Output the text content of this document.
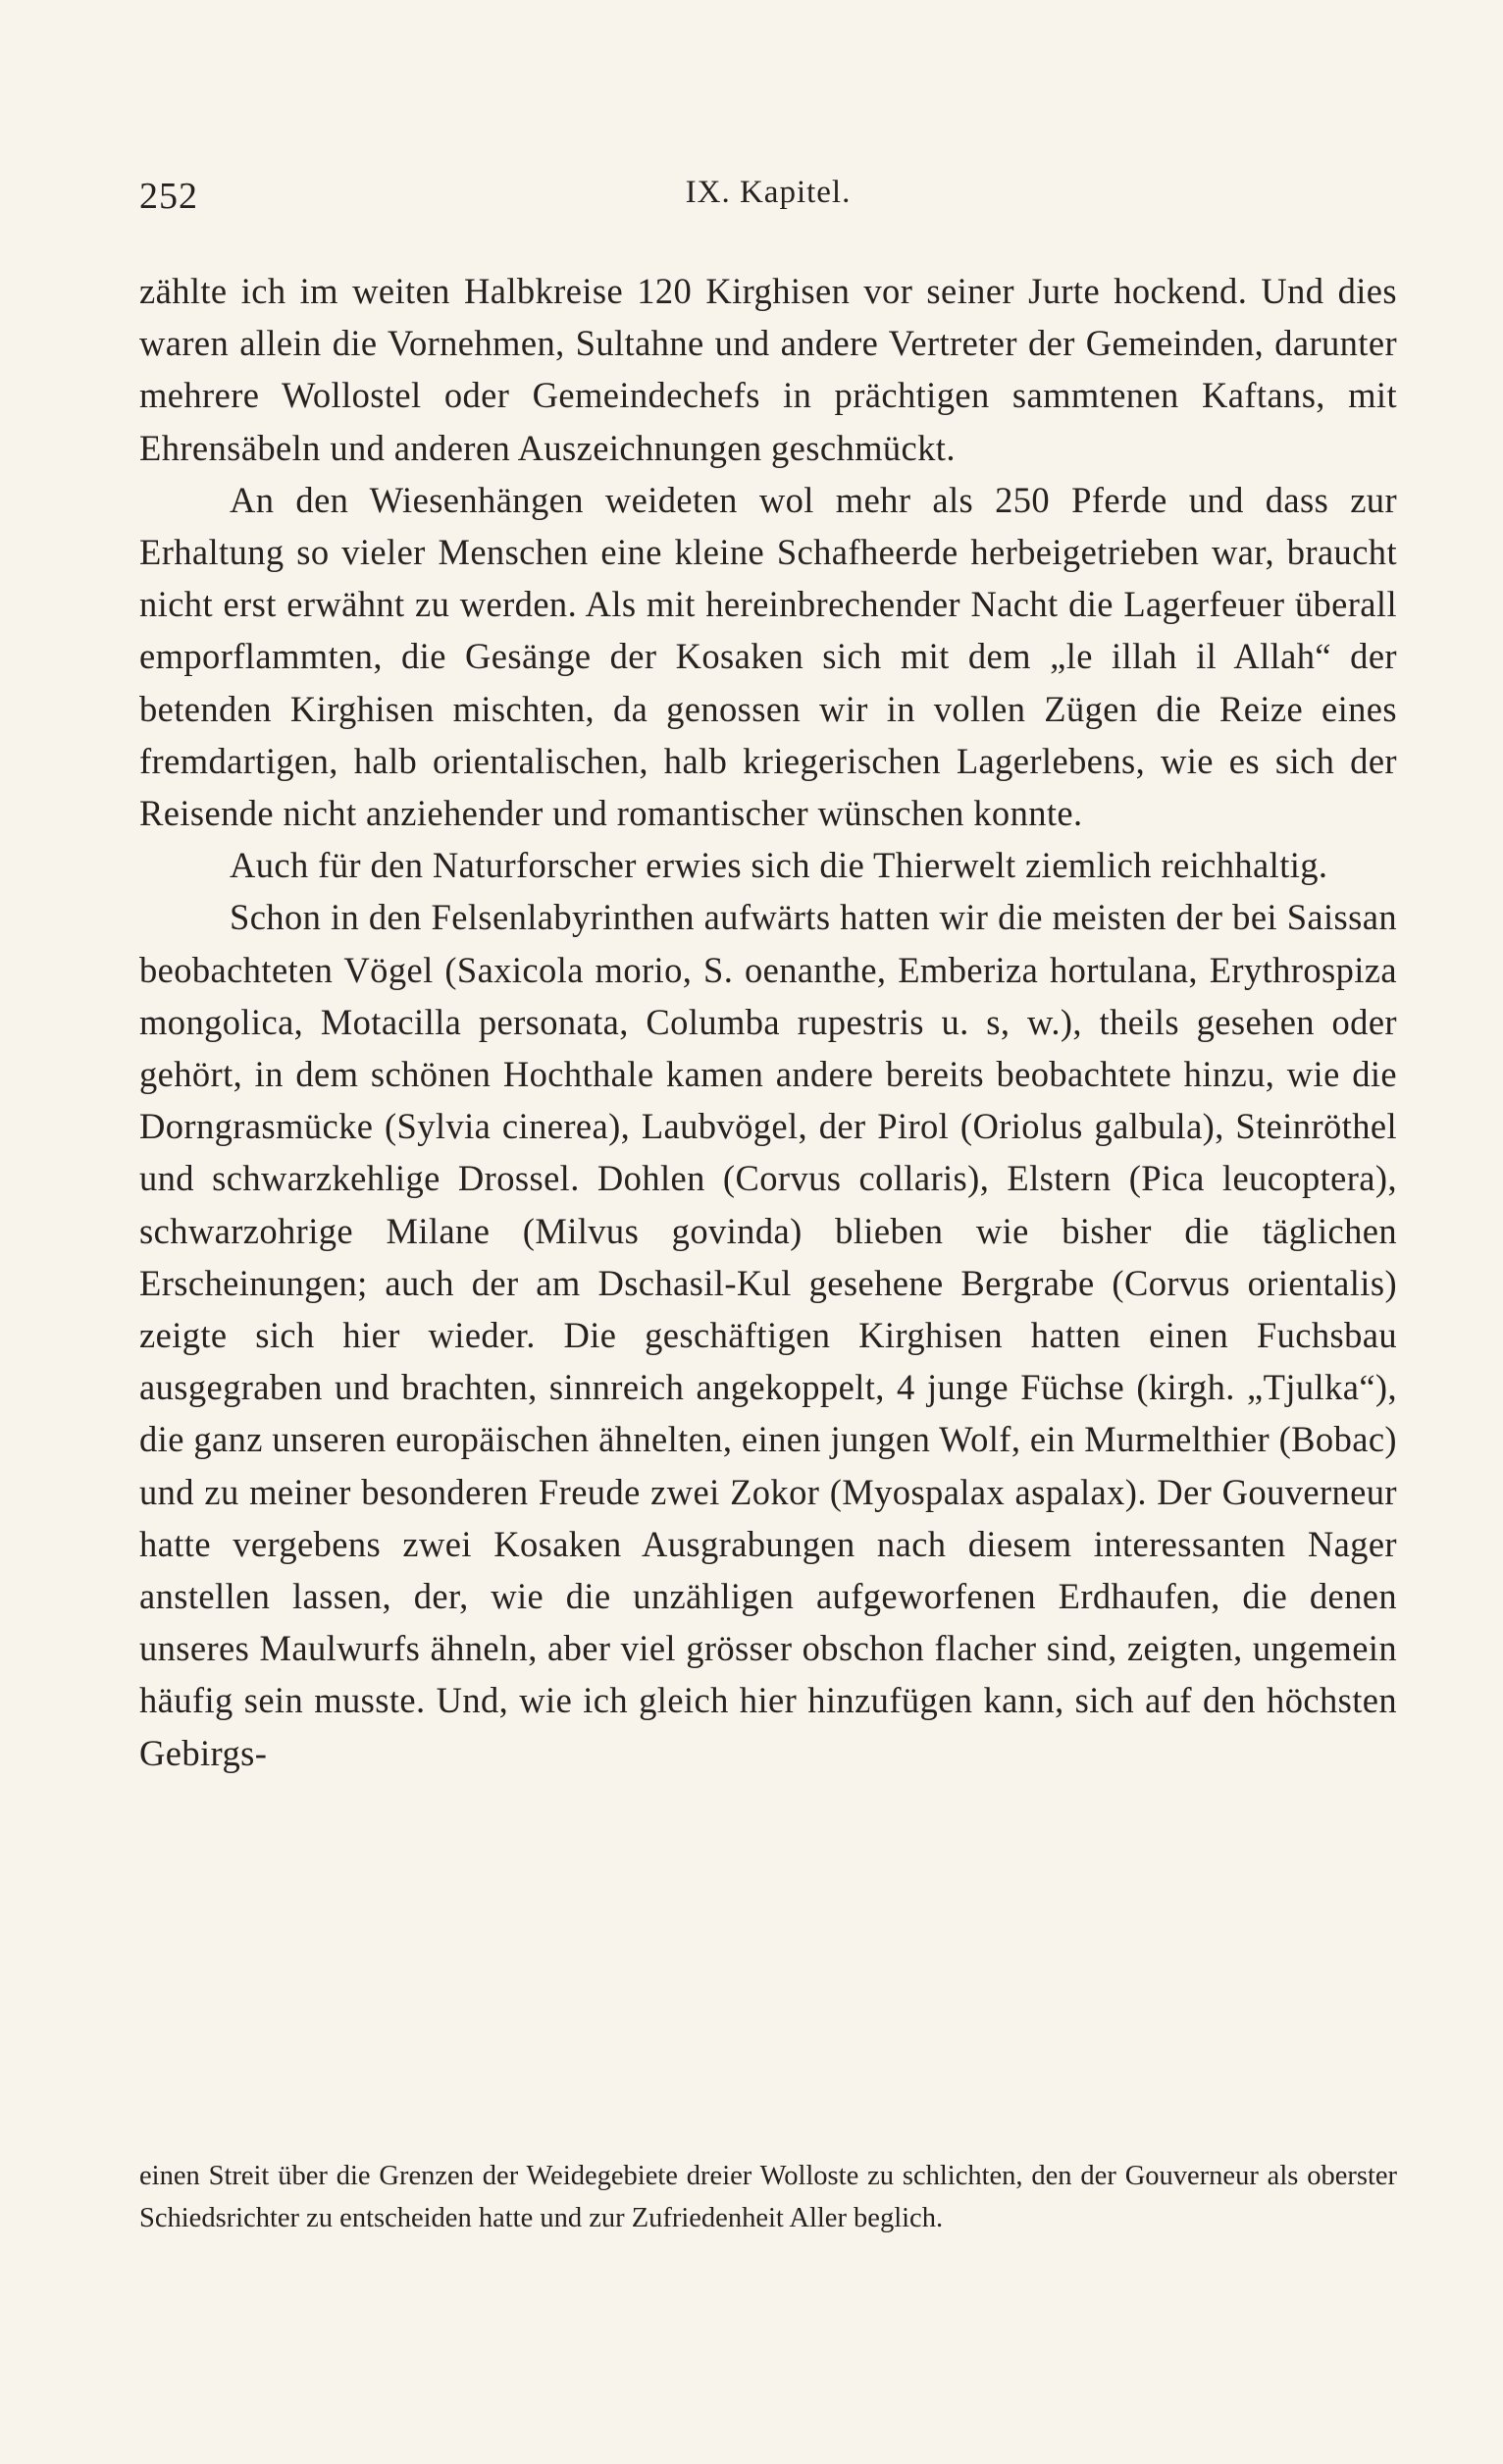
252	IX. Kapitel.

zählte ich im weiten Halbkreise 120 Kirghisen vor seiner Jurte hockend. Und dies waren allein die Vornehmen, Sultahne und andere Vertreter der Gemeinden, darunter mehrere Wollostel oder Gemeindechefs in prächtigen sammtenen Kaftans, mit Ehrensäbeln und anderen Auszeichnungen geschmückt.

An den Wiesenhängen weideten wol mehr als 250 Pferde und dass zur Erhaltung so vieler Menschen eine kleine Schafheerde herbeigetrieben war, braucht nicht erst erwähnt zu werden. Als mit hereinbrechender Nacht die Lagerfeuer überall emporflammten, die Gesänge der Kosaken sich mit dem „le illah il Allah“ der betenden Kirghisen mischten, da genossen wir in vollen Zügen die Reize eines fremdartigen, halb orientalischen, halb kriegerischen Lagerlebens, wie es sich der Reisende nicht anziehender und romantischer wünschen konnte.

Auch für den Naturforscher erwies sich die Thierwelt ziemlich reichhaltig.

Schon in den Felsenlabyrinthen aufwärts hatten wir die meisten der bei Saissan beobachteten Vögel (Saxicola morio, S. oenanthe, Emberiza hortulana, Erythrospiza mongolica, Motacilla personata, Columba rupestris u. s, w.), theils gesehen oder gehört, in dem schönen Hochthale kamen andere bereits beobachtete hinzu, wie die Dorngrasmücke (Sylvia cinerea), Laubvögel, der Pirol (Oriolus galbula), Steinröthel und schwarzkehlige Drossel. Dohlen (Corvus collaris), Elstern (Pica leucoptera), schwarzohrige Milane (Milvus govinda) blieben wie bisher die täglichen Erscheinungen; auch der am Dschasil-Kul gesehene Bergrabe (Corvus orientalis) zeigte sich hier wieder. Die geschäftigen Kirghisen hatten einen Fuchsbau ausgegraben und brachten, sinnreich angekoppelt, 4 junge Füchse (kirgh. „Tjulka“), die ganz unseren europäischen ähnelten, einen jungen Wolf, ein Murmelthier (Bobac) und zu meiner besonderen Freude zwei Zokor (Myospalax aspalax). Der Gouverneur hatte vergebens zwei Kosaken Ausgrabungen nach diesem interessanten Nager anstellen lassen, der, wie die unzähligen aufgeworfenen Erdhaufen, die denen unseres Maulwurfs ähneln, aber viel grösser obschon flacher sind, zeigten, ungemein häufig sein musste. Und, wie ich gleich hier hinzufügen kann, sich auf den höchsten Gebirgs-

einen Streit über die Grenzen der Weidegebiete dreier Wolloste zu schlichten, den der Gouverneur als oberster Schiedsrichter zu entscheiden hatte und zur Zufriedenheit Aller beglich.
